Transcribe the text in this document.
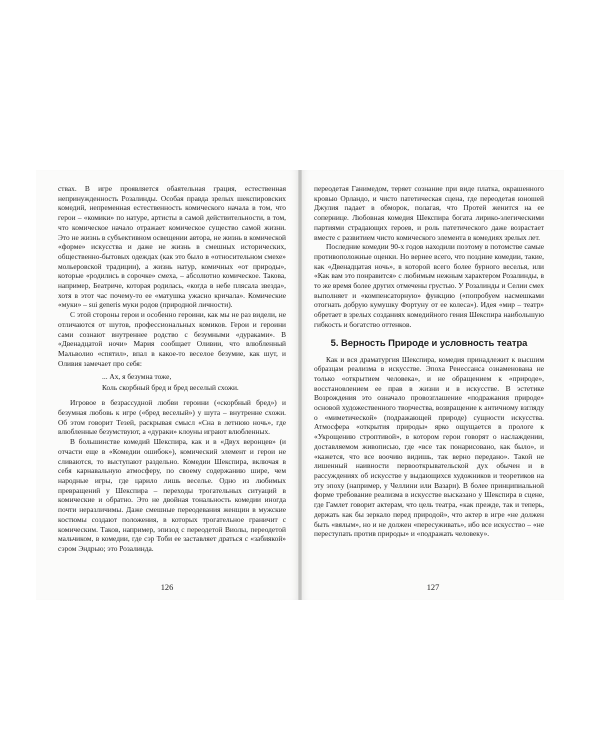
ствах. В игре проявляется обаятельная грация, естественная непринужденность Розалинды. Особая правда зрелых шекспировских комедий, непременная естественность комического начала в том, что герои – «комики» по натуре, артисты в самой действительности, в том, что комическое начало отражает комическое существо самой жизни. Это не жизнь в субъективном освещении автора, не жизнь в комической «форме» искусства и даже не жизнь в смешных исторических, общественно-бытовых одеждах (как это было в «относительном смехе» мольеровской традиции), а жизнь натур, комичных «от природы», которые «родились в сорочке» смеха, – абсолютно комическое. Такова, например, Беатриче, которая родилась, «когда в небе плясала звезда», хотя в этот час почему-то ее «матушка ужасно кричала». Комические «муки» – sui generis муки родов (природной личности).

С этой стороны герои и особенно героини, как мы не раз видели, не отличаются от шутов, профессиональных комиков. Герои и героини сами сознают внутреннее родство с безумными «дураками». В «Двенадцатой ночи» Мария сообщает Оливии, что влюбленный Мальволио «спятил», впал в какое-то веселое безумие, как шут, и Оливия замечает про себя:

... Ах, я безумна тоже,
Коль скорбный бред и бред веселый схожи.

Игровое в безрассудной любви героини («скорбный бред») и безумная любовь к игре («бред веселый») у шута – внутренне схожи. Об этом говорит Тезей, раскрывая смысл «Сна в летнюю ночь», где влюбленные безумствуют, а «дураки» клоуны играют влюбленных.

В большинстве комедий Шекспира, как и в «Двух веронцев» (и отчасти еще в «Комедии ошибок»), комический элемент и герои не сливаются, то выступают раздельно. Комедии Шекспира, включая в себя карнавальную атмосферу, по своему содержанию шире, чем народные игры, где царило лишь веселье. Одно из любимых превращений у Шекспира – переходы трогательных ситуаций в комические и обратно. Это не двойная тональность комедии иногда почти неразличимы. Даже смешные переодевания женщин в мужские костюмы создают положения, в которых трогательное граничит с комическим. Таков, например, эпизод с переодетой Виолы, переодетой мальчиком, в комедии, где сэр Тоби ее заставляет драться с «забиякой» сэром Эндрью; это Розалинда.

126

переодетая Ганимедом, теряет сознание при виде платка, окрашенного кровью Орландо, и чисто патетическая сцена, где переодетая юношей Джулия падает в обморок, полагая, что Протей женится на ее сопернице. Любовная комедия Шекспира богата лирико-элегическими партиями страдающих героев, и роль патетического даже возрастает вместе с развитием чисто комического элемента в комедиях зрелых лет.

Последние комедии 90-х годов находили поэтому в потомстве самые противоположные оценки. Но вернее всего, что поздние комедии, такие, как «Двенадцатая ночь», в которой всего более бурного веселья, или «Как вам это понравится» с любимым нежным характером Розалинды, в то же время более других отмечены грустью. У Розалинды и Селии смех выполняет и «компенсаторную» функцию («попробуем насмешками отогнать добрую кумушку Фортуну от ее колеса»). Идея «мир – театр» обретает в зрелых созданиях комедийного гения Шекспира наибольшую гибкость и богатство оттенков.

5. Верность Природе и условность театра

Как и вся драматургия Шекспира, комедия принадлежит к высшим образцам реализма в искусстве. Эпоха Ренессанса ознаменована не только «открытием человека», и не обращением к «природе», восстановлением ее прав в жизни и в искусстве. В эстетике Возрождения это означало провозглашение «подражания природе» основой художественного творчества, возвращение к античному взгляду о «миметической» (подражающей природе) сущности искусства. Атмосфера «открытия природы» ярко ощущается в прологе к «Укрощению строптивой», в котором герои говорят о наслаждении, доставляемом живописью, где «все так понарисовано, как было», и «кажется, что все воочию видишь, так верно передано». Такой не лишенный наивности первооткрывательской дух обычен и в рассуждениях об искусстве у выдающихся художников и теоретиков на эту эпоху (например, у Челлини или Вазари). В более принципиальной форме требование реализма в искусстве высказано у Шекспира в сцене, где Гамлет говорит актерам, что цель театра, «как прежде, так и теперь, держать как бы зеркало перед природой», что актер в игре «не должен быть «вялым», но и не должен «пересуживать», ибо все искусство – «не переступать против природы» и «подражать человеку».

127
